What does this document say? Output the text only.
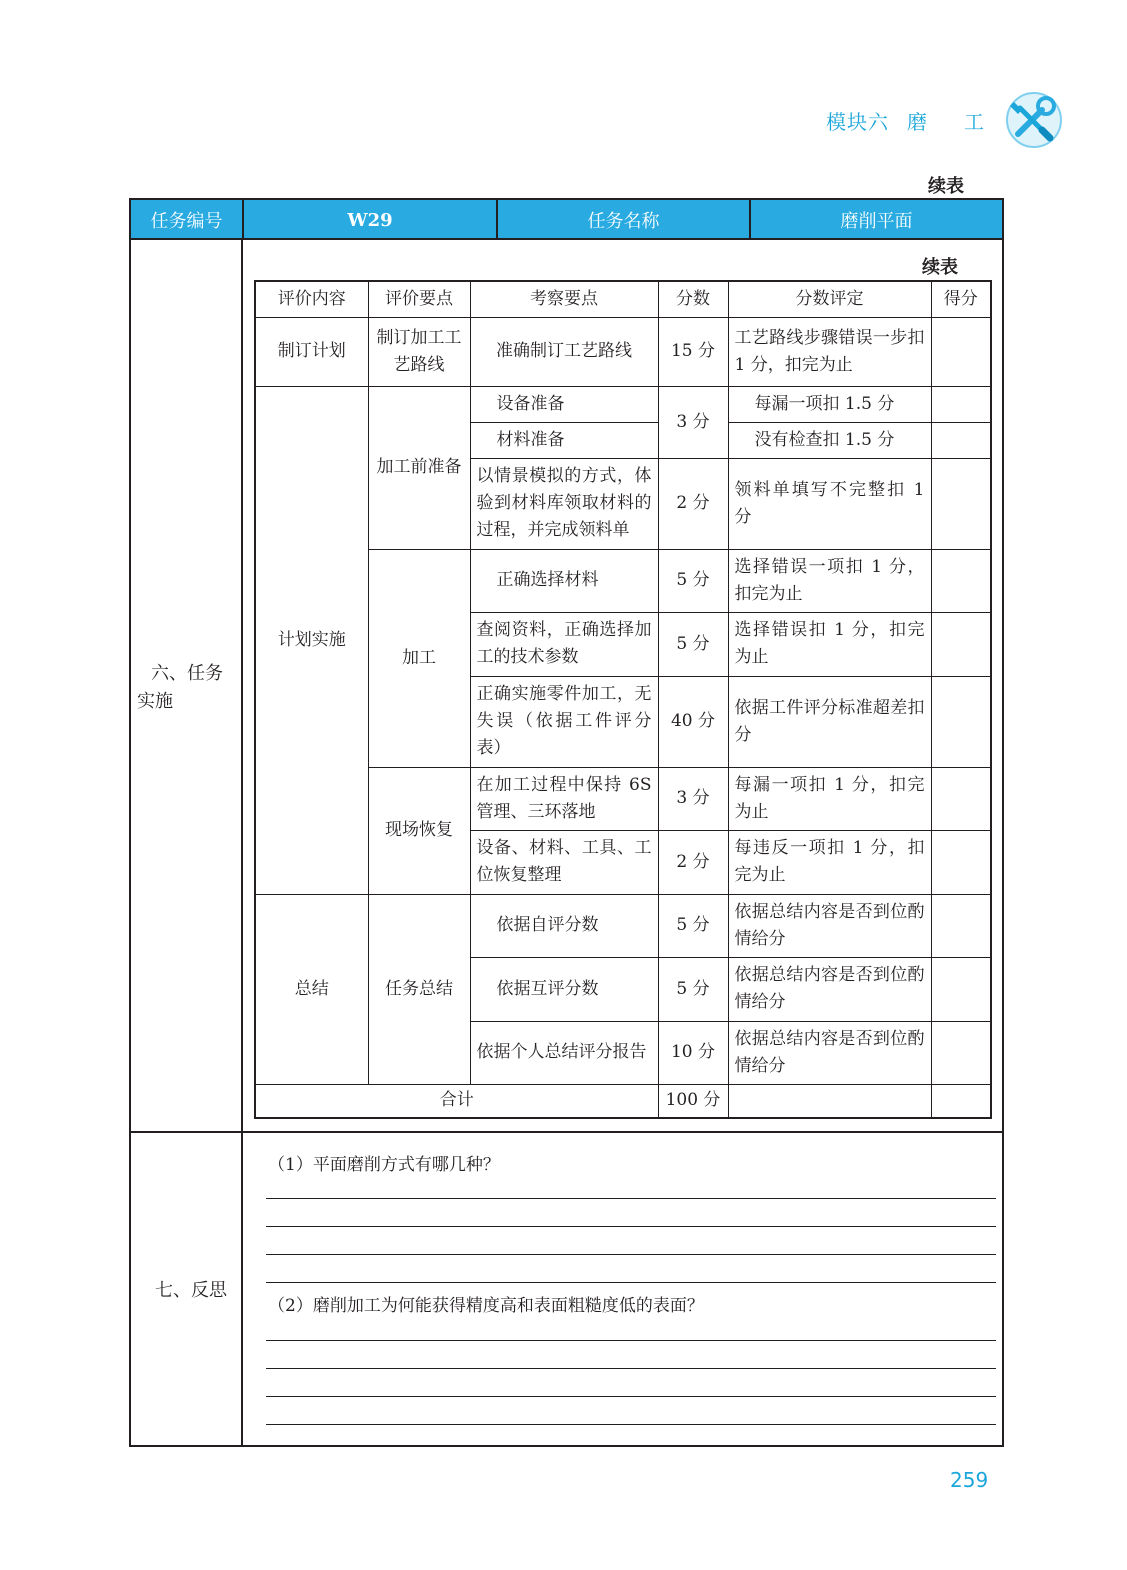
模块六 磨 工
续表
任务编号	W29	任务名称	磨削平面
六、任务
实施
七、反思
续表
评价内容	评价要点	考察要点	分数	分数评定	得分
制订计划	制订加工工艺路线	准确制订工艺路线	15 分	工艺路线步骤错误一步扣 1 分，扣完为止	
计划实施	加工前准备	设备准备	3 分	每漏一项扣 1.5 分	
		材料准备		没有检查扣 1.5 分	
		以情景模拟的方式，体验到材料库领取材料的过程，并完成领料单	2 分	领料单填写不完整扣 1 分	
	加工	正确选择材料	5 分	选择错误一项扣 1 分，扣完为止	
		查阅资料，正确选择加工的技术参数	5 分	选择错误扣 1 分，扣完为止	
		正确实施零件加工，无失误（依据工件评分表）	40 分	依据工件评分标准超差扣分	
	现场恢复	在加工过程中保持 6S 管理、三环落地	3 分	每漏一项扣 1 分，扣完为止	
		设备、材料、工具、工位恢复整理	2 分	每违反一项扣 1 分，扣完为止	
总结	任务总结	依据自评分数	5 分	依据总结内容是否到位酌情给分	
		依据互评分数	5 分	依据总结内容是否到位酌情给分	
		依据个人总结评分报告	10 分	依据总结内容是否到位酌情给分	
合计			100 分		
（1）平面磨削方式有哪几种？
（2）磨削加工为何能获得精度高和表面粗糙度低的表面？
259
